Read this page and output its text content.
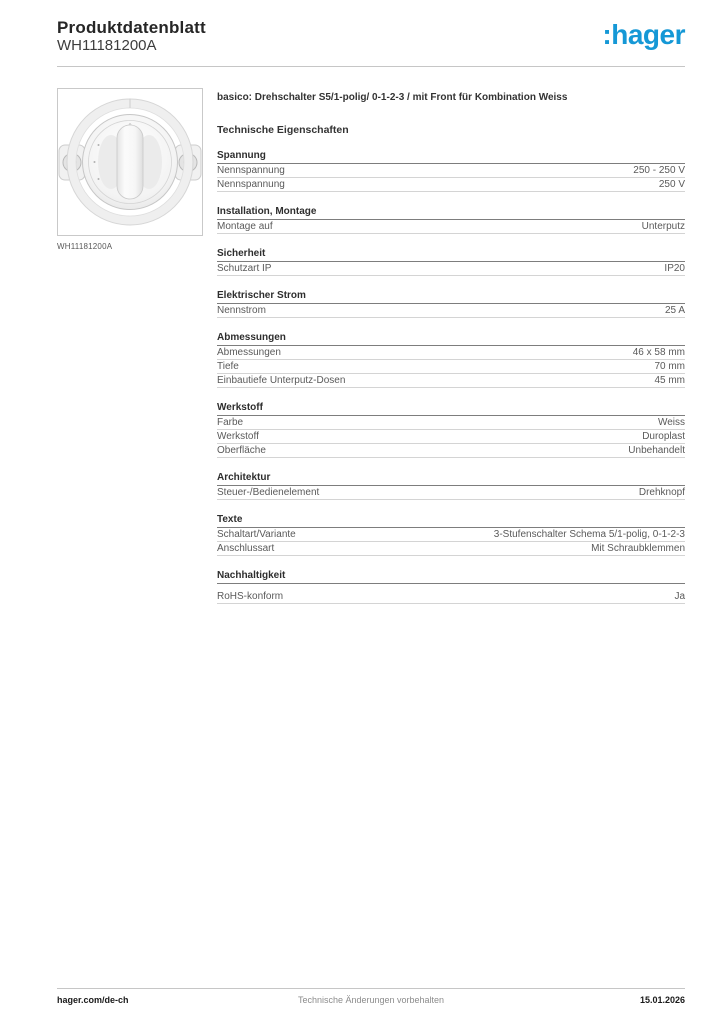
Produktdatenblatt
WH11181200A	:hager
WH11181200A
basico: Drehschalter S5/1-polig/ 0-1-2-3 / mit Front für Kombination Weiss
Technische Eigenschaften
Spannung
Nennspannung	250 - 250 V
Nennspannung	250 V
Installation, Montage
Montage auf	Unterputz
Sicherheit
Schutzart IP	IP20
Elektrischer Strom
Nennstrom	25 A
Abmessungen
Abmessungen	46 x 58 mm
Tiefe	70 mm
Einbautiefe Unterputz-Dosen	45 mm
Werkstoff
Farbe	Weiss
Werkstoff	Duroplast
Oberfläche	Unbehandelt
Architektur
Steuer-/Bedienelement	Drehknopf
Texte
Schaltart/Variante	3-Stufenschalter Schema 5/1-polig, 0-1-2-3
Anschlussart	Mit Schraubklemmen
Nachhaltigkeit
RoHS-konform	Ja
hager.com/de-ch	Technische Änderungen vorbehalten	15.01.2026
